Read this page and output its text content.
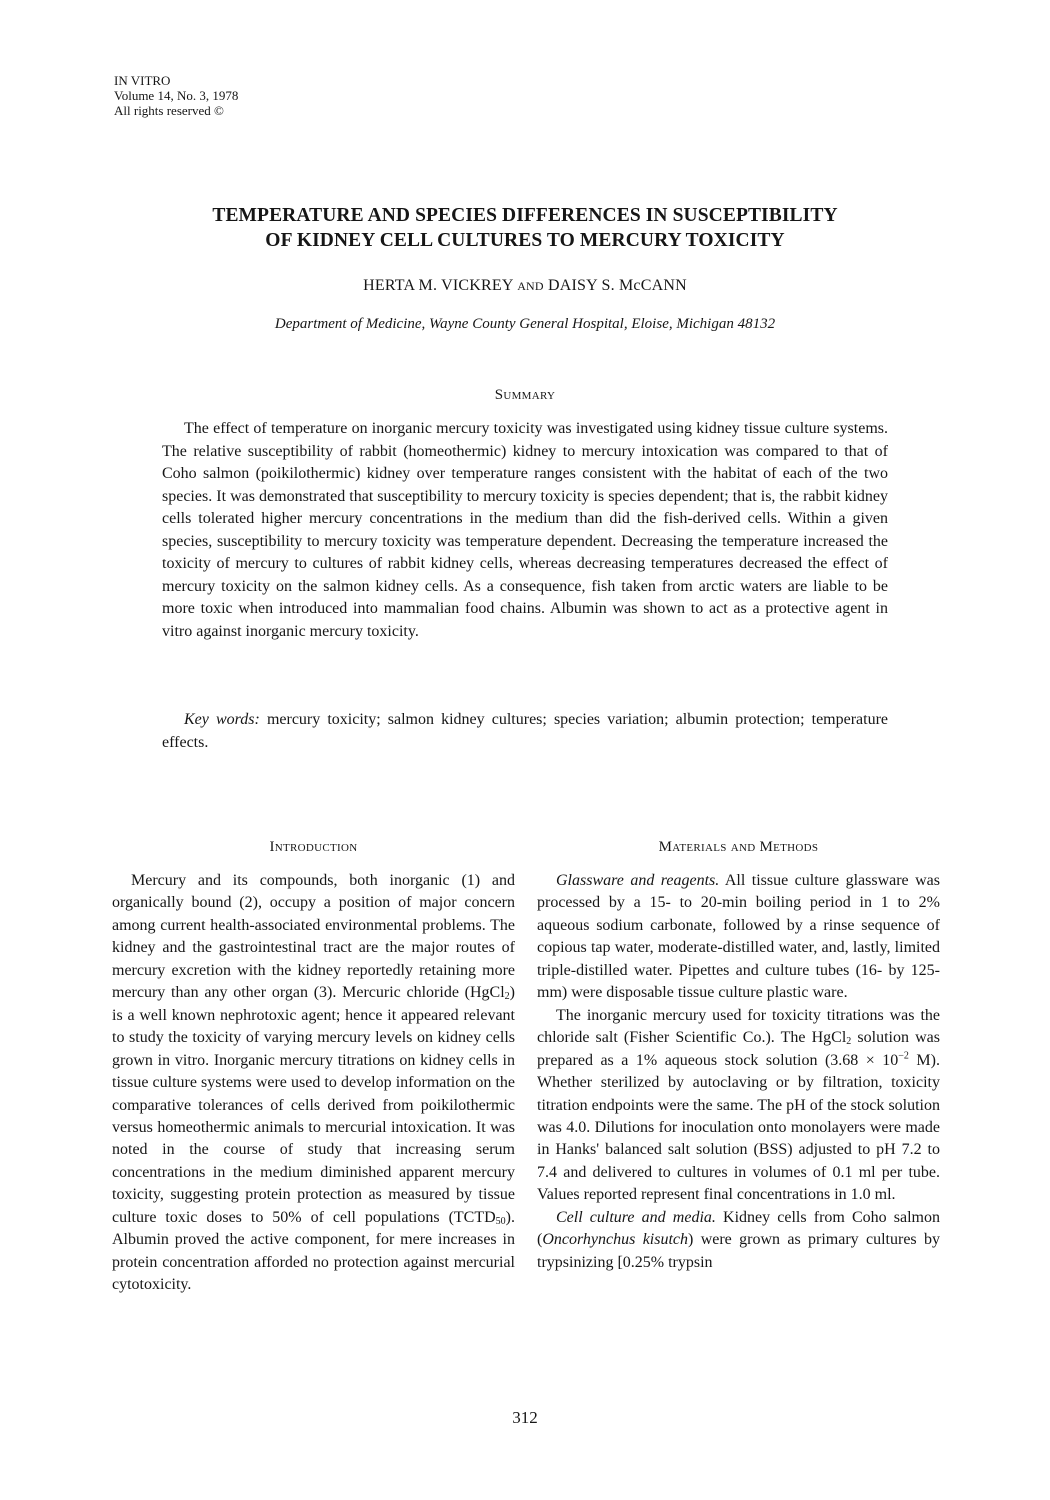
IN VITRO
Volume 14, No. 3, 1978
All rights reserved ©
TEMPERATURE AND SPECIES DIFFERENCES IN SUSCEPTIBILITY
OF KIDNEY CELL CULTURES TO MERCURY TOXICITY
HERTA M. VICKREY AND DAISY S. McCANN
Department of Medicine, Wayne County General Hospital, Eloise, Michigan 48132
Summary

The effect of temperature on inorganic mercury toxicity was investigated using kidney tissue culture systems. The relative susceptibility of rabbit (homeothermic) kidney to mercury intoxication was compared to that of Coho salmon (poikilothermic) kidney over temperature ranges consistent with the habitat of each of the two species. It was demonstrated that susceptibility to mercury toxicity is species dependent; that is, the rabbit kidney cells tolerated higher mercury concentrations in the medium than did the fish-derived cells. Within a given species, susceptibility to mercury toxicity was temperature dependent. Decreasing the temperature increased the toxicity of mercury to cultures of rabbit kidney cells, whereas decreasing temperatures decreased the effect of mercury toxicity on the salmon kidney cells. As a consequence, fish taken from arctic waters are liable to be more toxic when introduced into mammalian food chains. Albumin was shown to act as a protective agent in vitro against inorganic mercury toxicity.

Key words: mercury toxicity; salmon kidney cultures; species variation; albumin protection; temperature effects.

Introduction

Mercury and its compounds, both inorganic (1) and organically bound (2), occupy a position of major concern among current health-associated environmental problems. The kidney and the gastrointestinal tract are the major routes of mercury excretion with the kidney reportedly retaining more mercury than any other organ (3). Mercuric chloride (HgCl$_2$) is a well known nephrotoxic agent; hence it appeared relevant to study the toxicity of varying mercury levels on kidney cells grown in vitro. Inorganic mercury titrations on kidney cells in tissue culture systems were used to develop information on the comparative tolerances of cells derived from poikilothermic versus homeothermic animals to mercurial intoxication. It was noted in the course of study that increasing serum concentrations in the medium diminished apparent mercury toxicity, suggesting protein protection as measured by tissue culture toxic doses to 50% of cell populations $(TCTD_{50})$. Albumin proved the active component, for mere increases in protein concentration afforded no protection against mercurial cytotoxicity.

Materials and Methods

Glassware and reagents. All tissue culture glassware was processed by a 15- to 20-min boiling period in 1 to 2% aqueous sodium carbonate, followed by a rinse sequence of copious tap water, moderate-distilled water, and, lastly, limited triple-distilled water. Pipettes and culture tubes (16- by 125-mm) were disposable tissue culture plastic ware.

The inorganic mercury used for toxicity titrations was the chloride salt (Fisher Scientific Co.). The HgCl$_2$ solution was prepared as a 1% aqueous stock solution ($3.68 \times 10^{-2}$ M). Whether sterilized by autoclaving or by filtration, toxicity titration endpoints were the same. The pH of the stock solution was 4.0. Dilutions for inoculation onto monolayers were made in Hanks' balanced salt solution (BSS) adjusted to pH 7.2 to 7.4 and delivered to cultures in volumes of 0.1 ml per tube. Values reported represent final concentrations in 1.0 ml.

Cell culture and media. Kidney cells from Coho salmon (Oncorhynchus kisutch) were grown as primary cultures by trypsinizing [0.25% trypsin

312
